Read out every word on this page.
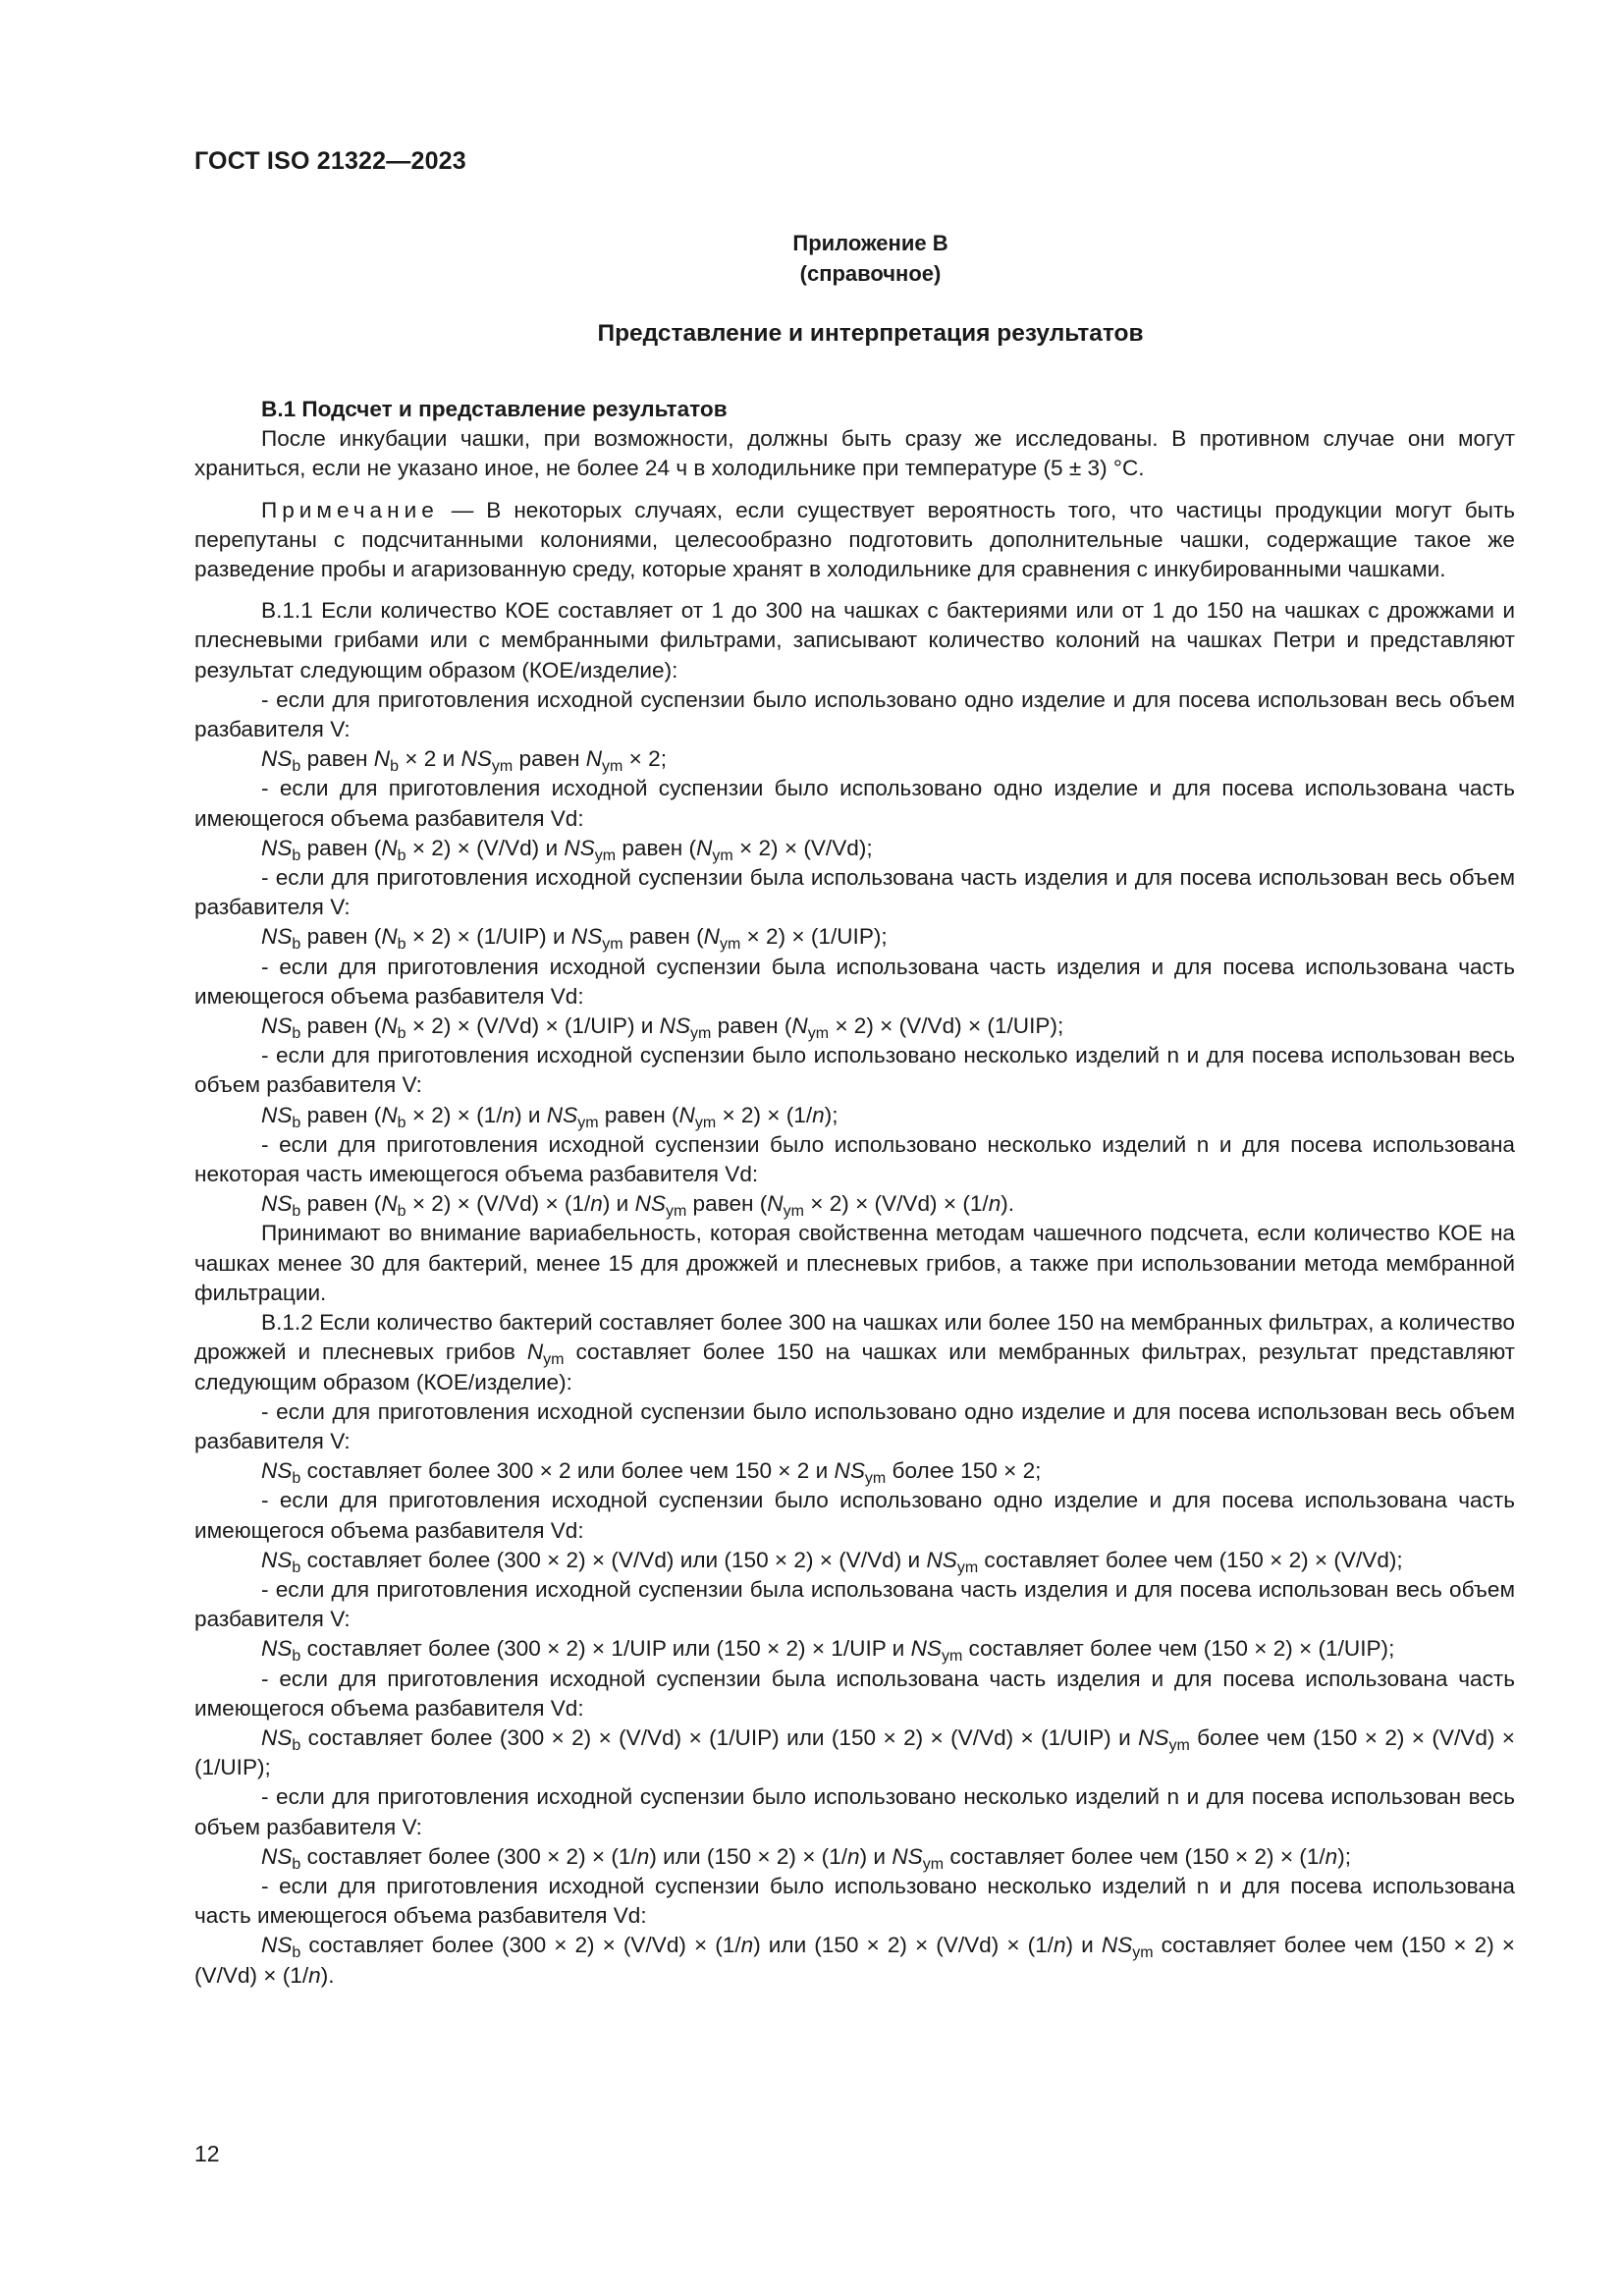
ГОСТ ISO 21322—2023
Приложение B
(справочное)
Представление и интерпретация результатов

B.1 Подсчет и представление результатов

После инкубации чашки, при возможности, должны быть сразу же исследованы. В противном случае они могут храниться, если не указано иное, не более 24 ч в холодильнике при температуре (5 ± 3) °C.

Примечание — В некоторых случаях, если существует вероятность того, что частицы продукции могут быть перепутаны с подсчитанными колониями, целесообразно подготовить дополнительные чашки, содержащие такое же разведение пробы и агаризованную среду, которые хранят в холодильнике для сравнения с инкубированными чашками.

B.1.1 Если количество КОЕ составляет от 1 до 300 на чашках с бактериями или от 1 до 150 на чашках с дрожжами и плесневыми грибами или с мембранными фильтрами, записывают количество колоний на чашках Петри и представляют результат следующим образом (КОЕ/изделие):

- если для приготовления исходной суспензии было использовано одно изделие и для посева использован весь объем разбавителя V:

$NS_b$ равен $N_b \times 2$ и $NS_{ym}$ равен $N_{ym} \times 2$;

- если для приготовления исходной суспензии было использовано одно изделие и для посева использована часть имеющегося объема разбавителя Vd:

$NS_b$ равен $(N_b \times 2) \times (V/Vd)$ и $NS_{ym}$ равен $(N_{ym} \times 2) \times (V/Vd)$;

- если для приготовления исходной суспензии была использована часть изделия и для посева использован весь объем разбавителя V:

$NS_b$ равен $(N_b \times 2) \times (1/UIP)$ и $NS_{ym}$ равен $(N_{ym} \times 2) \times (1/UIP)$;

- если для приготовления исходной суспензии была использована часть изделия и для посева использована часть имеющегося объема разбавителя Vd:

$NS_b$ равен $(N_b \times 2) \times (V/Vd) \times (1/UIP)$ и $NS_{ym}$ равен $(N_{ym} \times 2) \times (V/Vd) \times (1/UIP)$;

- если для приготовления исходной суспензии было использовано несколько изделий n и для посева использован весь объем разбавителя V:

$NS_b$ равен $(N_b \times 2) \times (1/n)$ и $NS_{ym}$ равен $(N_{ym} \times 2) \times (1/n)$;

- если для приготовления исходной суспензии было использовано несколько изделий n и для посева использована некоторая часть имеющегося объема разбавителя Vd:

$NS_b$ равен $(N_b \times 2) \times (V/Vd) \times (1/n)$ и $NS_{ym}$ равен $(N_{ym} \times 2) \times (V/Vd) \times (1/n)$.

Принимают во внимание вариабельность, которая свойственна методам чашечного подсчета, если количество КОЕ на чашках менее 30 для бактерий, менее 15 для дрожжей и плесневых грибов, а также при использовании метода мембранной фильтрации.

B.1.2 Если количество бактерий составляет более 300 на чашках или более 150 на мембранных фильтрах, а количество дрожжей и плесневых грибов $N_{ym}$ составляет более 150 на чашках или мембранных фильтрах, результат представляют следующим образом (КОЕ/изделие):

- если для приготовления исходной суспензии было использовано одно изделие и для посева использован весь объем разбавителя V:

$NS_b$ составляет более 300 × 2 или более чем 150 × 2 и $NS_{ym}$ более 150 × 2;

- если для приготовления исходной суспензии было использовано одно изделие и для посева использована часть имеющегося объема разбавителя Vd:

$NS_b$ составляет более (300 × 2) × (V/Vd) или (150 × 2) × (V/Vd) и $NS_{ym}$ составляет более чем (150 × 2) × (V/Vd);

- если для приготовления исходной суспензии была использована часть изделия и для посева использован весь объем разбавителя V:

$NS_b$ составляет более (300 × 2) × 1/UIP или (150 × 2) × 1/UIP и $NS_{ym}$ составляет более чем (150 × 2) × (1/UIP);

- если для приготовления исходной суспензии была использована часть изделия и для посева использована часть имеющегося объема разбавителя Vd:

$NS_b$ составляет более (300 × 2) × (V/Vd) × (1/UIP) или (150 × 2) × (V/Vd) × (1/UIP) и $NS_{ym}$ более чем (150 × 2) × (V/Vd) × (1/UIP);

- если для приготовления исходной суспензии было использовано несколько изделий n и для посева использован весь объем разбавителя V:

$NS_b$ составляет более (300 × 2) × (1/n) или (150 × 2) × (1/n) и $NS_{ym}$ составляет более чем (150 × 2) × (1/n);

- если для приготовления исходной суспензии было использовано несколько изделий n и для посева использована часть имеющегося объема разбавителя Vd:

$NS_b$ составляет более (300 × 2) × (V/Vd) × (1/n) или (150 × 2) × (V/Vd) × (1/n) и $NS_{ym}$ составляет более чем (150 × 2) × (V/Vd) × (1/n).

12
